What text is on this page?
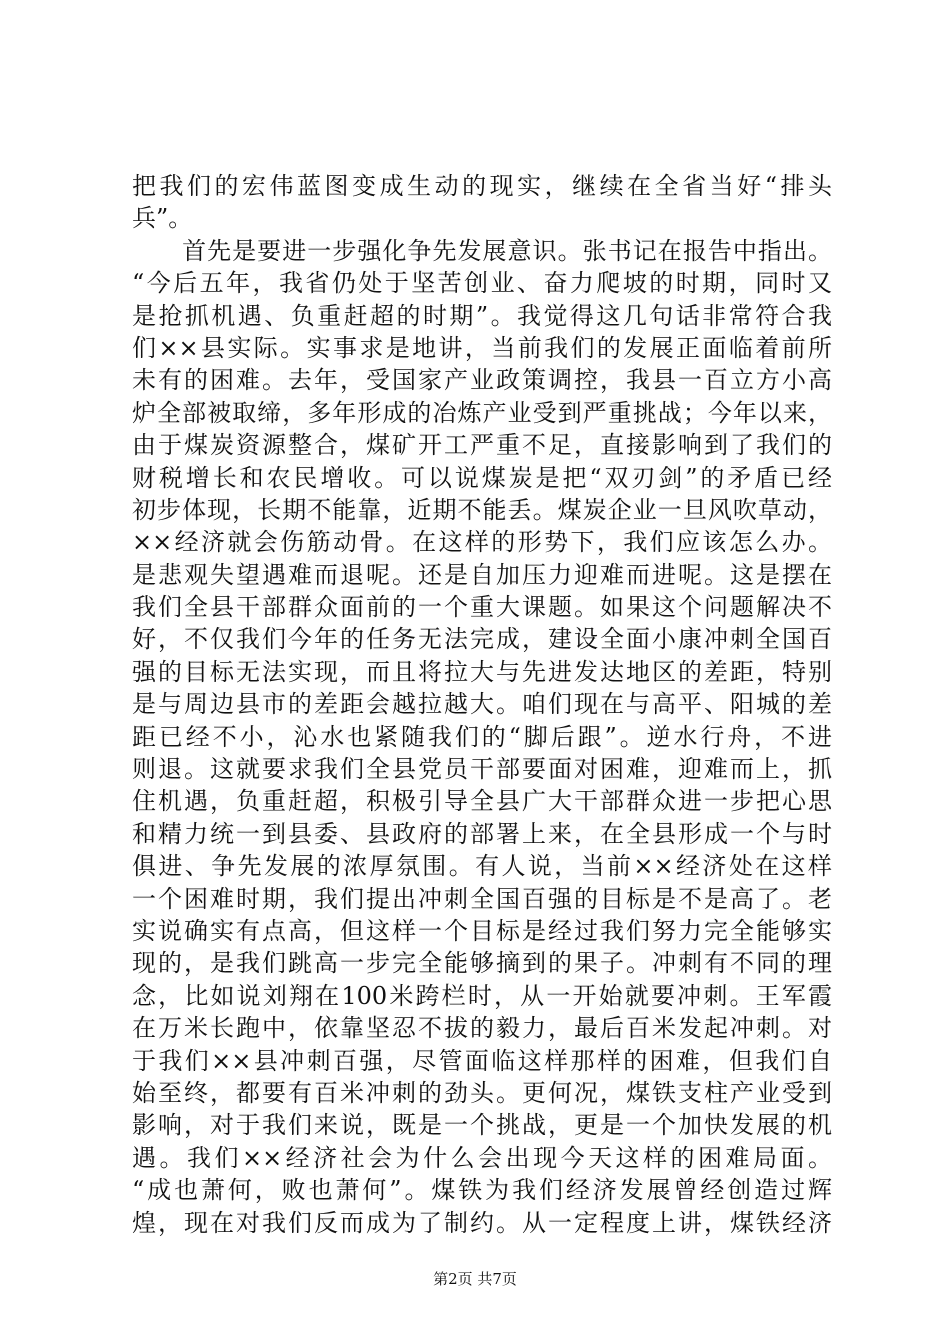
把我们的宏伟蓝图变成生动的现实，继续在全省当好“排头
兵”。
　　首先是要进一步强化争先发展意识。张书记在报告中指出。
“今后五年，我省仍处于坚苦创业、奋力爬坡的时期，同时又
是抢抓机遇、负重赶超的时期”。我觉得这几句话非常符合我
们××县实际。实事求是地讲，当前我们的发展正面临着前所
未有的困难。去年，受国家产业政策调控，我县一百立方小高
炉全部被取缔，多年形成的冶炼产业受到严重挑战；今年以来，
由于煤炭资源整合，煤矿开工严重不足，直接影响到了我们的
财税增长和农民增收。可以说煤炭是把“双刃剑”的矛盾已经
初步体现，长期不能靠，近期不能丢。煤炭企业一旦风吹草动，
××经济就会伤筋动骨。在这样的形势下，我们应该怎么办。
是悲观失望遇难而退呢。还是自加压力迎难而进呢。这是摆在
我们全县干部群众面前的一个重大课题。如果这个问题解决不
好，不仅我们今年的任务无法完成，建设全面小康冲刺全国百
强的目标无法实现，而且将拉大与先进发达地区的差距，特别
是与周边县市的差距会越拉越大。咱们现在与高平、阳城的差
距已经不小，沁水也紧随我们的“脚后跟”。逆水行舟，不进
则退。这就要求我们全县党员干部要面对困难，迎难而上，抓
住机遇，负重赶超，积极引导全县广大干部群众进一步把心思
和精力统一到县委、县政府的部署上来，在全县形成一个与时
俱进、争先发展的浓厚氛围。有人说，当前××经济处在这样
一个困难时期，我们提出冲刺全国百强的目标是不是高了。老
实说确实有点高，但这样一个目标是经过我们努力完全能够实
现的，是我们跳高一步完全能够摘到的果子。冲刺有不同的理
念，比如说刘翔在100米跨栏时，从一开始就要冲刺。王军霞
在万米长跑中，依靠坚忍不拔的毅力，最后百米发起冲刺。对
于我们××县冲刺百强，尽管面临这样那样的困难，但我们自
始至终，都要有百米冲刺的劲头。更何况，煤铁支柱产业受到
影响，对于我们来说，既是一个挑战，更是一个加快发展的机
遇。我们××经济社会为什么会出现今天这样的困难局面。
“成也萧何，败也萧何”。煤铁为我们经济发展曾经创造过辉
煌，现在对我们反而成为了制约。从一定程度上讲，煤铁经济
第2页 共7页
